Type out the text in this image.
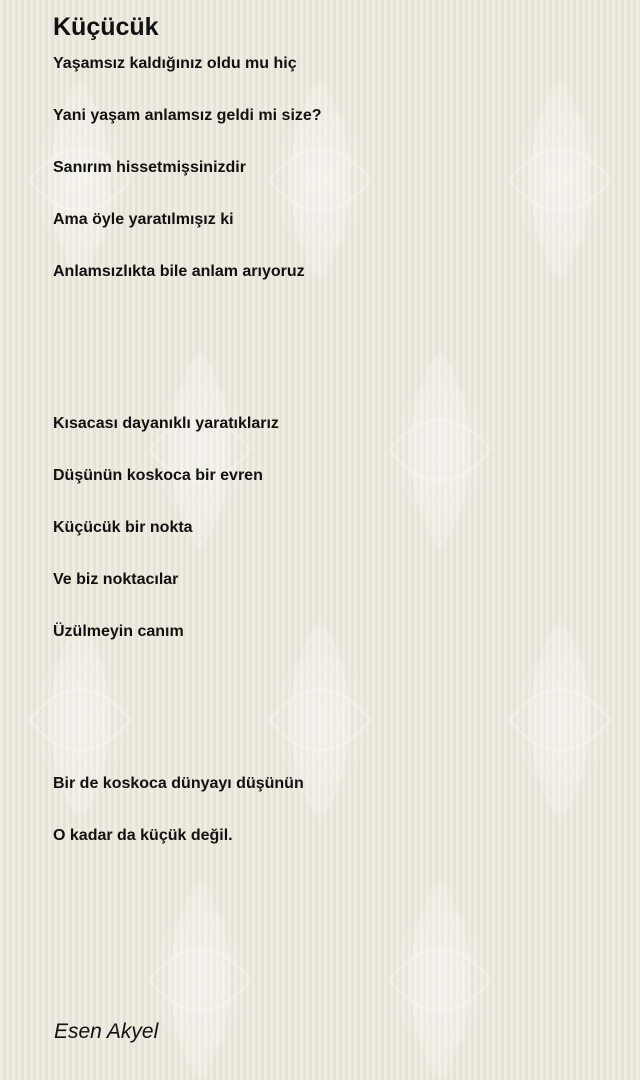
Küçücük

Yaşamsız kaldığınız oldu mu hiç

Yani yaşam anlamsız geldi mi size?

Sanırım hissetmişsinizdir

Ama öyle yaratılmışız ki

Anlamsızlıkta bile anlam arıyoruz

Kısacası dayanıklı yaratıklarız

Düşünün koskoca bir evren

Küçücük bir nokta

Ve biz noktacılar

Üzülmeyin canım

Bir de koskoca dünyayı düşünün

O kadar da küçük değil.

Esen Akyel
